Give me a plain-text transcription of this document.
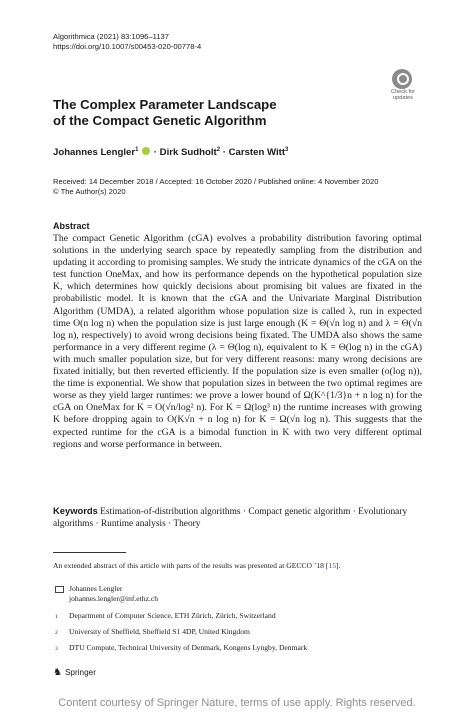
Algorithmica (2021) 83:1096–1137
https://doi.org/10.1007/s00453-020-00778-4
Check for updates
The Complex Parameter Landscape of the Compact Genetic Algorithm
Johannes Lengler$^1$ · Dirk Sudholt$^2$ · Carsten Witt$^3$
Received: 14 December 2018 / Accepted: 16 October 2020 / Published online: 4 November 2020
© The Author(s) 2020
Abstract
The compact Genetic Algorithm (cGA) evolves a probability distribution favoring optimal solutions in the underlying search space by repeatedly sampling from the distribution and updating it according to promising samples. We study the intricate dynamics of the cGA on the test function OneMax, and how its performance depends on the hypothetical population size K, which determines how quickly decisions about promising bit values are fixated in the probabilistic model. It is known that the cGA and the Univariate Marginal Distribution Algorithm (UMDA), a related algorithm whose population size is called λ, run in expected time O(n log n) when the population size is just large enough (K = Θ(√n log n) and λ = Θ(√n log n), respectively) to avoid wrong decisions being fixated. The UMDA also shows the same performance in a very different regime (λ = Θ(log n), equivalent to K = Θ(log n) in the cGA) with much smaller population size, but for very different reasons: many wrong decisions are fixated initially, but then reverted efficiently. If the population size is even smaller (o(log n)), the time is exponential. We show that population sizes in between the two optimal regimes are worse as they yield larger runtimes: we prove a lower bound of Ω(K^{1/3}n + n log n) for the cGA on OneMax for K = O(√n/log² n). For K = Ω(log³ n) the runtime increases with growing K before dropping again to O(K√n + n log n) for K = Ω(√n log n). This suggests that the expected runtime for the cGA is a bimodal function in K with two very different optimal regions and worse performance in between.
Keywords Estimation-of-distribution algorithms · Compact genetic algorithm · Evolutionary algorithms · Runtime analysis · Theory
An extended abstract of this article with parts of the results was presented at GECCO ’18 [15].
Johannes Lengler
johannes.lengler@inf.ethz.ch
1 Department of Computer Science, ETH Zürich, Zürich, Switzerland
2 University of Sheffield, Sheffield S1 4DP, United Kingdom
3 DTU Compute, Technical University of Denmark, Kongens Lyngby, Denmark
♞ Springer
Content courtesy of Springer Nature, terms of use apply. Rights reserved.
